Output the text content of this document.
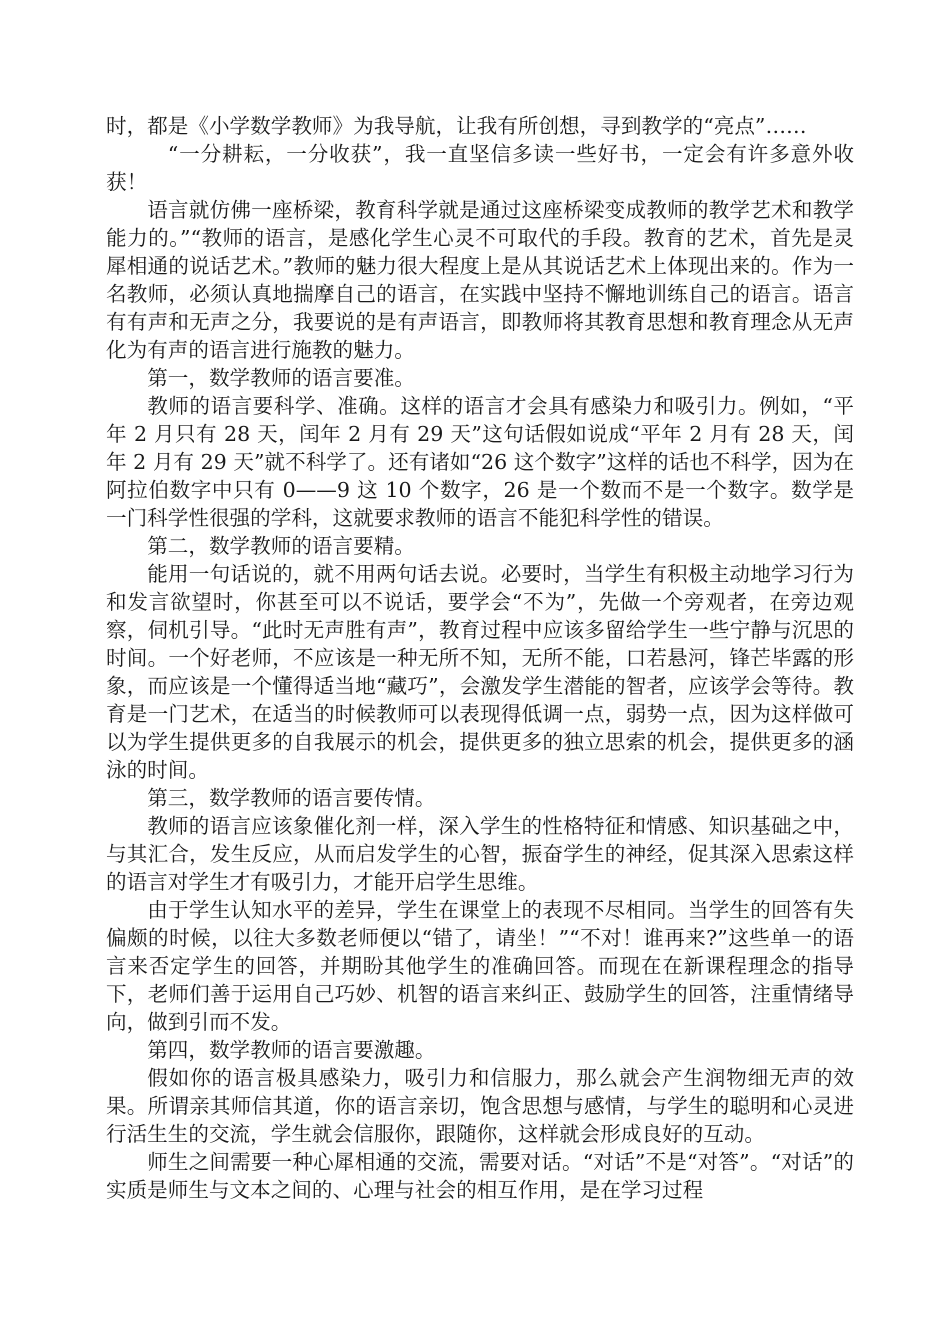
时，都是《小学数学教师》为我导航，让我有所创想，寻到教学的“亮点”……

“一分耕耘，一分收获”，我一直坚信多读一些好书，一定会有许多意外收获！

语言就仿佛一座桥梁，教育科学就是通过这座桥梁变成教师的教学艺术和教学能力的。”“教师的语言，是感化学生心灵不可取代的手段。教育的艺术，首先是灵犀相通的说话艺术。”教师的魅力很大程度上是从其说话艺术上体现出来的。作为一名教师，必须认真地揣摩自己的语言，在实践中坚持不懈地训练自己的语言。语言有有声和无声之分，我要说的是有声语言，即教师将其教育思想和教育理念从无声化为有声的语言进行施教的魅力。

第一，数学教师的语言要准。

教师的语言要科学、准确。这样的语言才会具有感染力和吸引力。例如，“平年 2 月只有 28 天，闰年 2 月有 29 天”这句话假如说成“平年 2 月有 28 天，闰年 2 月有 29 天”就不科学了。还有诸如“26 这个数字”这样的话也不科学，因为在阿拉伯数字中只有 0——9 这 10 个数字，26 是一个数而不是一个数字。数学是一门科学性很强的学科，这就要求教师的语言不能犯科学性的错误。

第二，数学教师的语言要精。

能用一句话说的，就不用两句话去说。必要时，当学生有积极主动地学习行为和发言欲望时，你甚至可以不说话，要学会“不为”，先做一个旁观者，在旁边观察，伺机引导。“此时无声胜有声”，教育过程中应该多留给学生一些宁静与沉思的时间。一个好老师，不应该是一种无所不知，无所不能，口若悬河，锋芒毕露的形象，而应该是一个懂得适当地“藏巧”，会激发学生潜能的智者，应该学会等待。教育是一门艺术，在适当的时候教师可以表现得低调一点，弱势一点，因为这样做可以为学生提供更多的自我展示的机会，提供更多的独立思索的机会，提供更多的涵泳的时间。

第三，数学教师的语言要传情。

教师的语言应该象催化剂一样，深入学生的性格特征和情感、知识基础之中，与其汇合，发生反应，从而启发学生的心智，振奋学生的神经，促其深入思索这样的语言对学生才有吸引力，才能开启学生思维。

由于学生认知水平的差异，学生在课堂上的表现不尽相同。当学生的回答有失偏颇的时候，以往大多数老师便以“错了，请坐！”“不对！谁再来?”这些单一的语言来否定学生的回答，并期盼其他学生的准确回答。而现在在新课程理念的指导下，老师们善于运用自己巧妙、机智的语言来纠正、鼓励学生的回答，注重情绪导向，做到引而不发。

第四，数学教师的语言要激趣。

假如你的语言极具感染力，吸引力和信服力，那么就会产生润物细无声的效果。所谓亲其师信其道，你的语言亲切，饱含思想与感情，与学生的聪明和心灵进行活生生的交流，学生就会信服你，跟随你，这样就会形成良好的互动。

师生之间需要一种心犀相通的交流，需要对话。“对话”不是“对答”。“对话”的实质是师生与文本之间的、心理与社会的相互作用，是在学习过程
